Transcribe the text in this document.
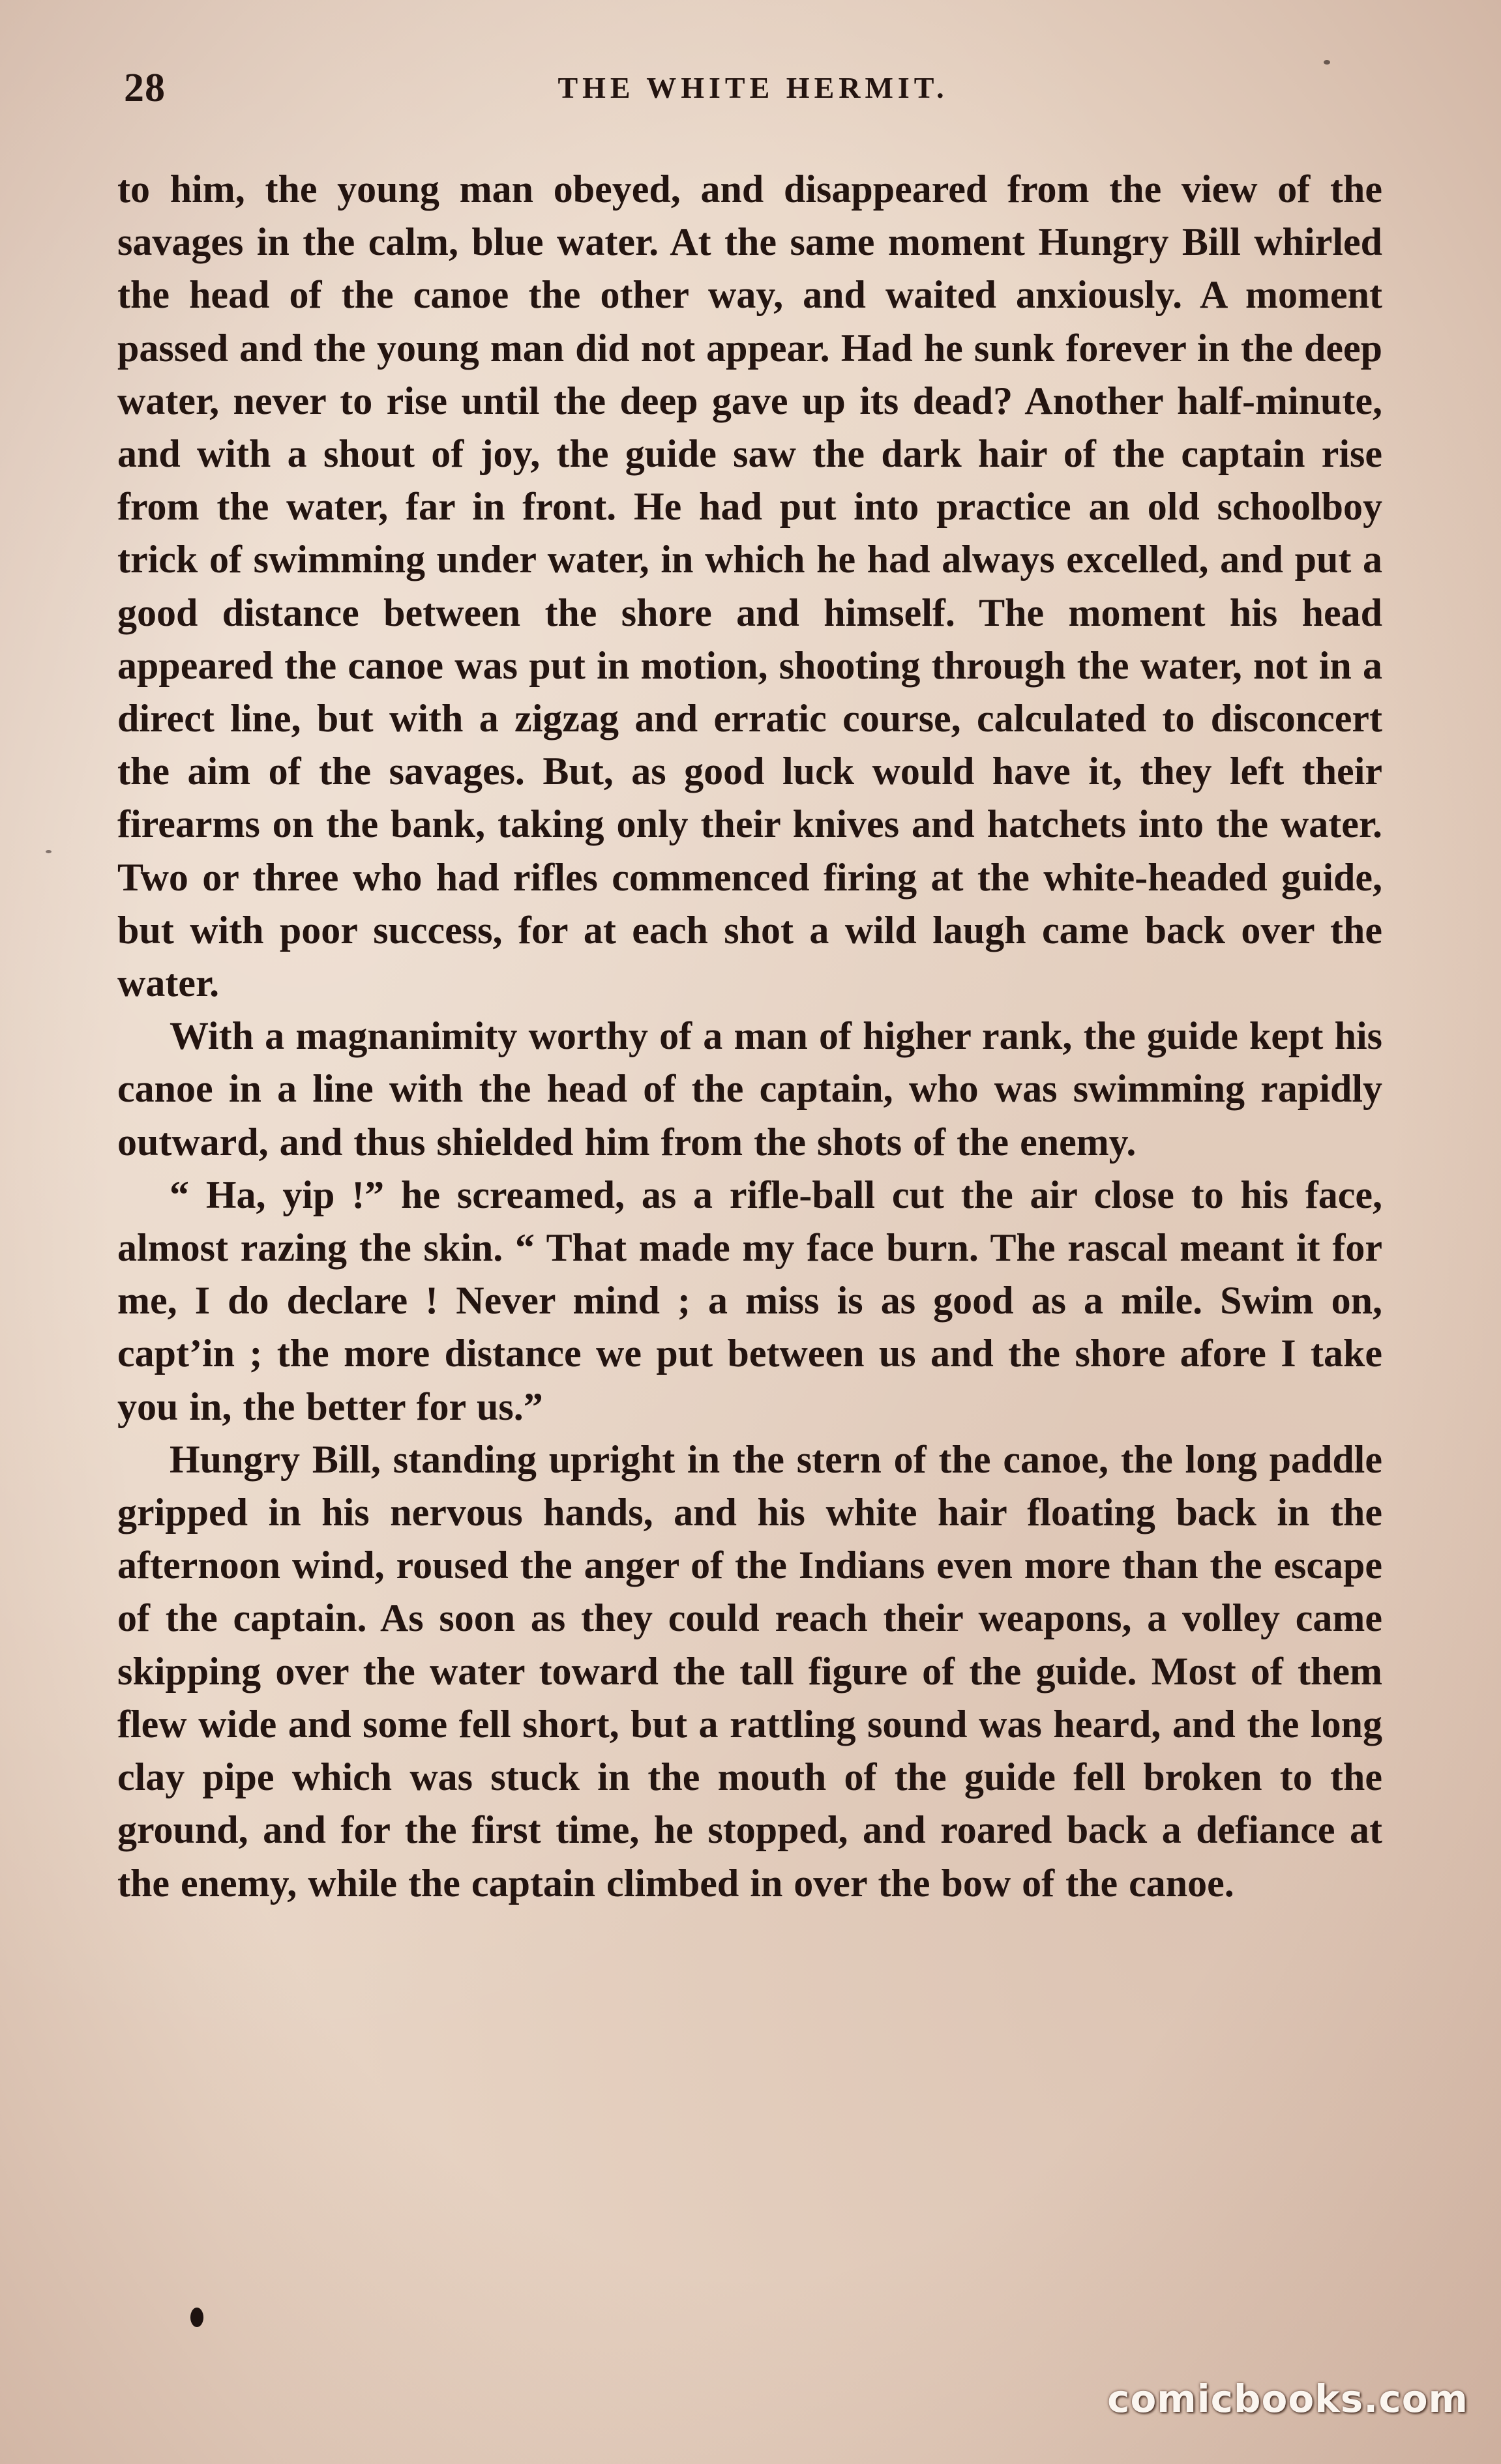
28	THE WHITE HERMIT.

to him, the young man obeyed, and disappeared from the view of the savages in the calm, blue water. At the same moment Hungry Bill whirled the head of the canoe the other way, and waited anxiously. A moment passed and the young man did not appear. Had he sunk forever in the deep water, never to rise until the deep gave up its dead? Another half-minute, and with a shout of joy, the guide saw the dark hair of the captain rise from the water, far in front. He had put into practice an old schoolboy trick of swimming under water, in which he had always excelled, and put a good distance between the shore and himself. The moment his head appeared the canoe was put in motion, shooting through the water, not in a direct line, but with a zigzag and erratic course, calculated to disconcert the aim of the savages. But, as good luck would have it, they left their firearms on the bank, taking only their knives and hatchets into the water. Two or three who had rifles commenced firing at the white-headed guide, but with poor success, for at each shot a wild laugh came back over the water.

With a magnanimity worthy of a man of higher rank, the guide kept his canoe in a line with the head of the captain, who was swimming rapidly outward, and thus shielded him from the shots of the enemy.

“ Ha, yip !” he screamed, as a rifle-ball cut the air close to his face, almost razing the skin. “ That made my face burn. The rascal meant it for me, I do declare ! Never mind ; a miss is as good as a mile. Swim on, capt’in ; the more distance we put between us and the shore afore I take you in, the better for us.”

Hungry Bill, standing upright in the stern of the canoe, the long paddle gripped in his nervous hands, and his white hair floating back in the afternoon wind, roused the anger of the Indians even more than the escape of the captain. As soon as they could reach their weapons, a volley came skipping over the water toward the tall figure of the guide. Most of them flew wide and some fell short, but a rattling sound was heard, and the long clay pipe which was stuck in the mouth of the guide fell broken to the ground, and for the first time, he stopped, and roared back a defiance at the enemy, while the captain climbed in over the bow of the canoe.

comicbooks.com
